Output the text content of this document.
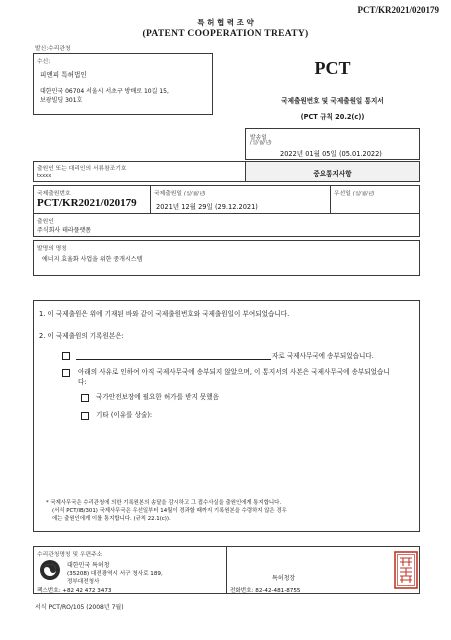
PCT/KR2021/020179
특 허 협 력 조 약
(PATENT COOPERATION TREATY)
발신:수리관청
수신:
피앤피 특허법인
대한민국 06704 서울시 서초구 방배로 10길 15,
보광빌딩 301호
PCT
국제출원번호 및 국제출원일 통지서
(PCT 규칙 20.2(c))
발송일
(일/월/년)
2022년 01월 05일 (05.01.2022)
출원인 또는 대리인의 서류참조기호
txxxx	중요통지사항
국제출원번호
PCT/KR2021/020179
국제출원일 (일/월/년)
2021년 12월 29일 (29.12.2021)
우선일 (일/월/년)
출원인
주식회사 테라플랫폼
발명의 명칭
에너지 효율화 사업을 위한 중개시스템
1. 이 국제출원은 위에 기재된 바와 같이 국제출원번호와 국제출원일이 부여되었습니다.
2. 이 국제출원의 기록원본은:
자로 국제사무국에 송부되었습니다.
아래의 사유로 인하여 아직 국제사무국에 송부되지 않았으며, 이 통지서의 사본은 국제사무국에 송부되었습니다:
국가안전보장에 필요한 허가를 받지 못했음
기타 (이유를 상술):
* 국제사무국은 수리관청에 의한 기록원본의 송달을 감시하고 그 접수사실을 출원인에게 통지합니다.
(서식 PCT/IB/301) 국제사무국은 우선일부터 14월이 경과할 때까지 기록원본을 수령하지 않은 경우
에는 출원인에게 이를 통지합니다. (규칙 22.1(c)).
수리관청명칭 및 우편주소
대한민국 특허청
(35208) 대전광역시 서구 청사로 189,
정부대전청사
팩스번호: +82 42 472 3473
특허청장
전화번호: 82-42-481-8755
서식 PCT/RO/105 (2008년 7월)
